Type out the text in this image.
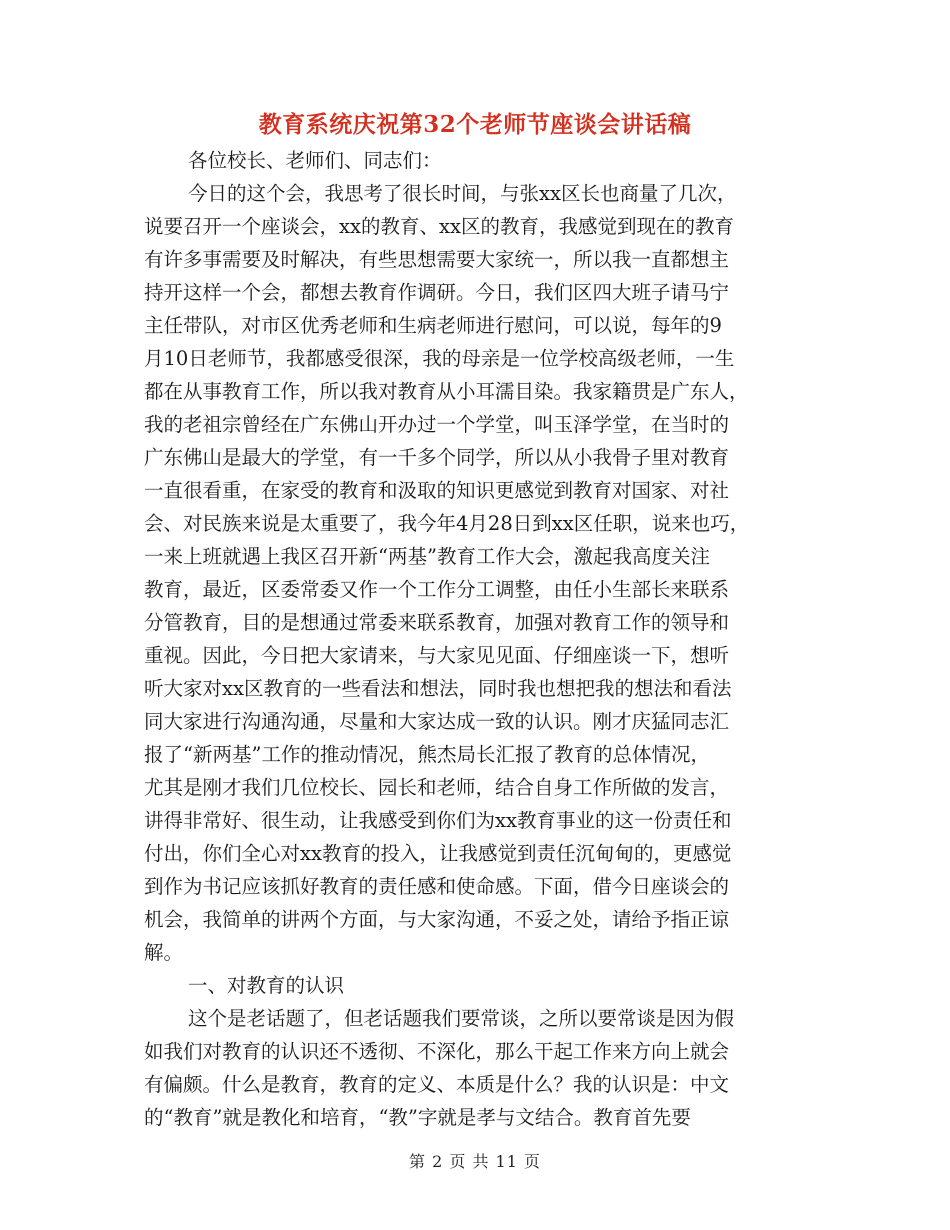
教育系统庆祝第32个老师节座谈会讲话稿
各位校长、老师们、同志们：
今日的这个会，我思考了很长时间，与张xx区长也商量了几次，
说要召开一个座谈会，xx的教育、xx区的教育，我感觉到现在的教育
有许多事需要及时解决，有些思想需要大家统一，所以我一直都想主
持开这样一个会，都想去教育作调研。今日，我们区四大班子请马宁
主任带队，对市区优秀老师和生病老师进行慰问，可以说，每年的9
月10日老师节，我都感受很深，我的母亲是一位学校高级老师，一生
都在从事教育工作，所以我对教育从小耳濡目染。我家籍贯是广东人，
我的老祖宗曾经在广东佛山开办过一个学堂，叫玉泽学堂，在当时的
广东佛山是最大的学堂，有一千多个同学，所以从小我骨子里对教育
一直很看重，在家受的教育和汲取的知识更感觉到教育对国家、对社
会、对民族来说是太重要了，我今年4月28日到xx区任职，说来也巧，
一来上班就遇上我区召开新“两基”教育工作大会，激起我高度关注
教育，最近，区委常委又作一个工作分工调整，由任小生部长来联系
分管教育，目的是想通过常委来联系教育，加强对教育工作的领导和
重视。因此，今日把大家请来，与大家见见面、仔细座谈一下，想听
听大家对xx区教育的一些看法和想法，同时我也想把我的想法和看法
同大家进行沟通沟通，尽量和大家达成一致的认识。刚才庆猛同志汇
报了“新两基”工作的推动情况，熊杰局长汇报了教育的总体情况，
尤其是刚才我们几位校长、园长和老师，结合自身工作所做的发言，
讲得非常好、很生动，让我感受到你们为xx教育事业的这一份责任和
付出，你们全心对xx教育的投入，让我感觉到责任沉甸甸的，更感觉
到作为书记应该抓好教育的责任感和使命感。下面，借今日座谈会的
机会，我简单的讲两个方面，与大家沟通，不妥之处，请给予指正谅
解。
一、对教育的认识
这个是老话题了，但老话题我们要常谈，之所以要常谈是因为假
如我们对教育的认识还不透彻、不深化，那么干起工作来方向上就会
有偏颇。什么是教育，教育的定义、本质是什么？我的认识是：中文
的“教育”就是教化和培育，“教”字就是孝与文结合。教育首先要
第 2 页 共 11 页
